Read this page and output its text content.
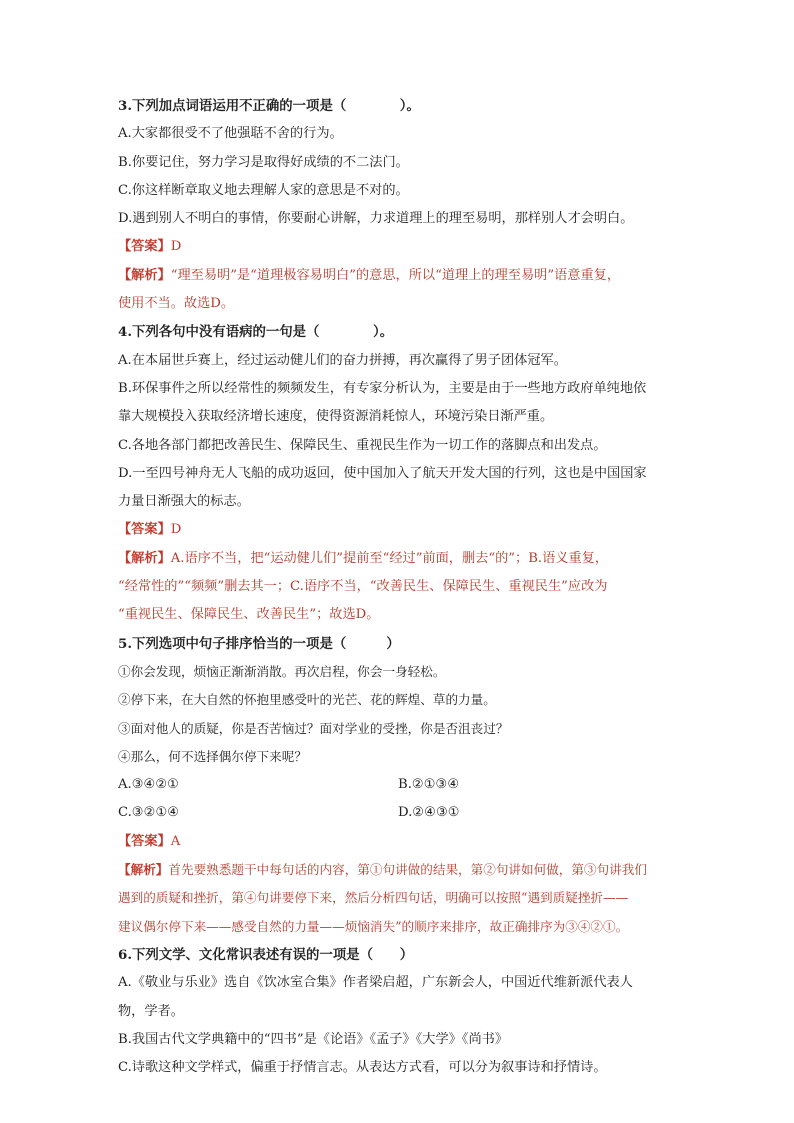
3.下列加点词语运用不正确的一项是（　　　　）。
A.大家都很受不了他强聒不舍的行为。
B.你要记住，努力学习是取得好成绩的不二法门。
C.你这样断章取义地去理解人家的意思是不对的。
D.遇到别人不明白的事情，你要耐心讲解，力求道理上的理至易明，那样别人才会明白。
【答案】D
【解析】“理至易明”是“道理极容易明白”的意思，所以“道理上的理至易明”语意重复，
使用不当。故选D。
4.下列各句中没有语病的一句是（　　　　）。
A.在本届世乒赛上，经过运动健儿们的奋力拼搏，再次赢得了男子团体冠军。
B.环保事件之所以经常性的频频发生，有专家分析认为，主要是由于一些地方政府单纯地依
靠大规模投入获取经济增长速度，使得资源消耗惊人，环境污染日渐严重。
C.各地各部门都把改善民生、保障民生、重视民生作为一切工作的落脚点和出发点。
D.一至四号神舟无人飞船的成功返回，使中国加入了航天开发大国的行列，这也是中国国家
力量日渐强大的标志。
【答案】D
【解析】A.语序不当，把“运动健儿们”提前至“经过”前面，删去“的”；B.语义重复，
“经常性的”“频频”删去其一；C.语序不当，“改善民生、保障民生、重视民生”应改为
“重视民生、保障民生、改善民生”；故选D。
5.下列选项中句子排序恰当的一项是（　　　）
①你会发现，烦恼正渐渐消散。再次启程，你会一身轻松。
②停下来，在大自然的怀抱里感受叶的光芒、花的辉煌、草的力量。
③面对他人的质疑，你是否苦恼过？面对学业的受挫，你是否沮丧过？
④那么，何不选择偶尔停下来呢？
A.③④②①	B.②①③④
C.③②①④	D.②④③①
【答案】A
【解析】首先要熟悉题干中每句话的内容，第①句讲做的结果，第②句讲如何做，第③句讲我们
遇到的质疑和挫折，第④句讲要停下来，然后分析四句话，明确可以按照“遇到质疑挫折——
建议偶尔停下来——感受自然的力量——烦恼消失”的顺序来排序，故正确排序为③④②①。
6.下列文学、文化常识表述有误的一项是（　　）
A.《敬业与乐业》选自《饮冰室合集》作者梁启超，广东新会人，中国近代维新派代表人
物，学者。
B.我国古代文学典籍中的“四书”是《论语》《孟子》《大学》《尚书》
C.诗歌这种文学样式，偏重于抒情言志。从表达方式看，可以分为叙事诗和抒情诗。
